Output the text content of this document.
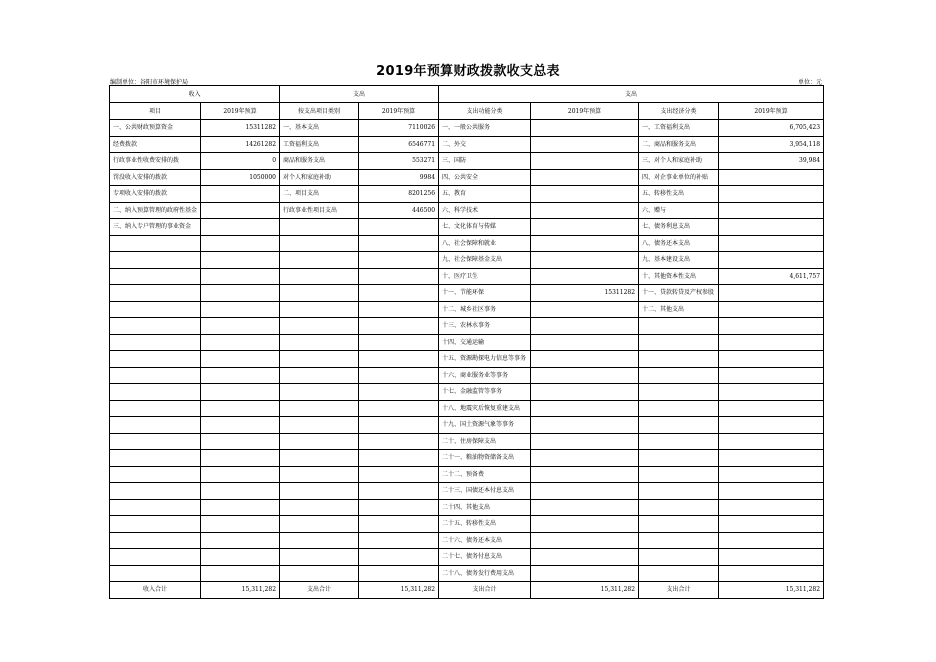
2019年预算财政拨款收支总表
编制单位：谷阳市环境保护局	单位：元
收入		支出		支出			
项目	2019年预算	按支出项目类别	2019年预算	支出功能分类	2019年预算	支出经济分类	2019年预算
一、公共财政预算资金	15311282	一、基本支出	7110026	一、一般公共服务		一、工资福利支出	6,705,423
经费拨款	14261282	工资福利支出	6546771	二、外交		二、商品和服务支出	3,954,118
行政事业性收费安排的拨	0	商品和服务支出	553271	三、国防		三、对个人和家庭补助	39,984
罚没收入安排的拨款	1050000	对个人和家庭补助	9984	四、公共安全		四、对企事业单位的补贴	
专项收入安排的拨款		二、项目支出	8201256	五、教育		五、转移性支出	
二、纳入预算管理的政府性基金		行政事业性项目支出	446500	六、科学技术		六、赠与	
三、纳入专户管理的事业资金				七、文化体育与传媒		七、债务利息支出	
				八、社会保障和就业		八、债务还本支出	
				九、社会保障基金支出		九、基本建设支出	
				十、医疗卫生		十、其他资本性支出	4,611,757
				十一、节能环保	15311282	十一、贷款转贷及产权参股	
				十二、城乡社区事务		十二、其他支出	
				十三、农林水事务			
				十四、交通运输			
				十五、资源勘探电力信息等事务			
				十六、商业服务业等事务			
				十七、金融监管等事务			
				十八、地震灾后恢复重建支出			
				十九、国土资源气象等事务			
				二十、住房保障支出			
				二十一、粮油物资储备支出			
				二十二、预备费			
				二十三、国债还本付息支出			
				二十四、其他支出			
				二十五、转移性支出			
				二十六、债务还本支出			
				二十七、债务付息支出			
				二十八、债务发行费用支出			
收入合计	15,311,282	支出合计	15,311,282	支出合计	15,311,282	支出合计	15,311,282
